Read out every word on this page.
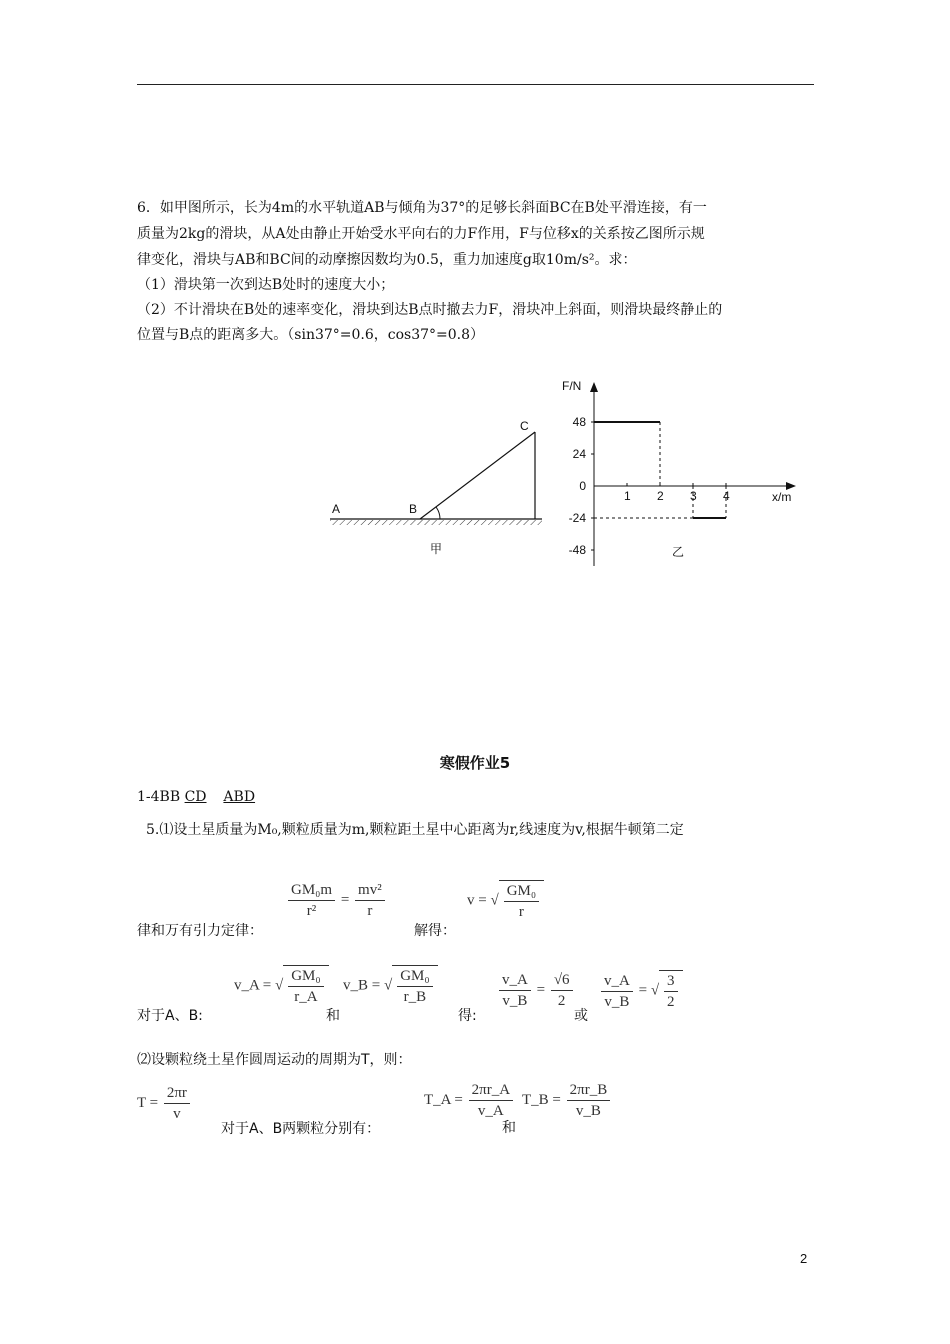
6．如甲图所示，长为4m的水平轨道AB与倾角为37°的足够长斜面BC在B处平滑连接，有一
质量为2kg的滑块，从A处由静止开始受水平向右的力F作用，F与位移x的关系按乙图所示规
律变化，滑块与AB和BC间的动摩擦因数均为0.5，重力加速度g取10m/s²。求：
（1）滑块第一次到达B处时的速度大小；
（2）不计滑块在B处的速率变化，滑块到达B点时撤去力F，滑块冲上斜面，则滑块最终静止的
位置与B点的距离多大。（sin37°=0.6，cos37°=0.8）
A	B
C
甲
F/N
x/m
乙
48
24
0
-24
-48
1 2 3 4
寒假作业5
1-4BB CD ABD
5.⑴设土星质量为M₀,颗粒质量为m,颗粒距土星中心距离为r,线速度为v,根据牛顿第二定
律和万有引力定律：
$\frac{\text{GM₀m}}{\text{r²}} = \frac{\text{mv²}}{r}$
解得：
v = √ $\frac{\text{GM₀}}{r}$
对于A、B:
v_A = √ $\frac{\text{GM₀}}{r\_A}$
和
v_B = √ $\frac{\text{GM₀}}{r\_B}$
得:
$\frac{v\_A}{v\_B} = \frac{√6}{2}$
或
$\frac{v\_A}{v\_B}$ = √ $\frac{3}{2}$
⑵设颗粒绕土星作圆周运动的周期为T，则：
$T = \frac{2\pi r}{v}$
对于A、B两颗粒分别有：
T_A = $\frac{2\pi r\_A}{v\_A}$
和
T_B = $\frac{2\pi r\_B}{v\_B}$
2
